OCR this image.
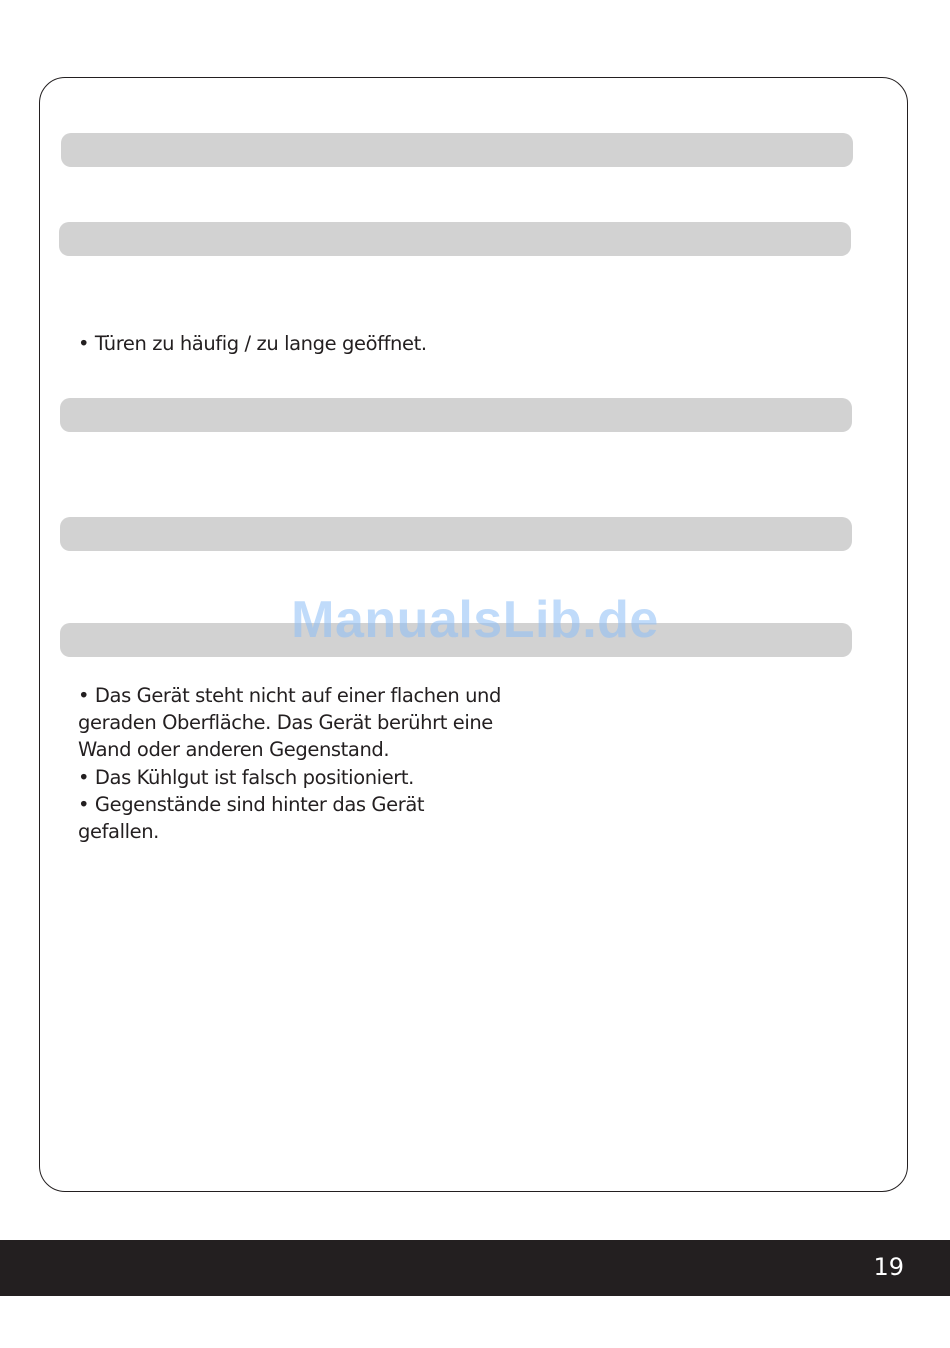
• Türen zu häufig / zu lange geöffnet.
ManualsLib.de
• Das Gerät steht nicht auf einer flachen und
geraden Oberfläche. Das Gerät berührt eine
Wand oder anderen Gegenstand.
• Das Kühlgut ist falsch positioniert.
• Gegenstände sind hinter das Gerät
gefallen.
19
